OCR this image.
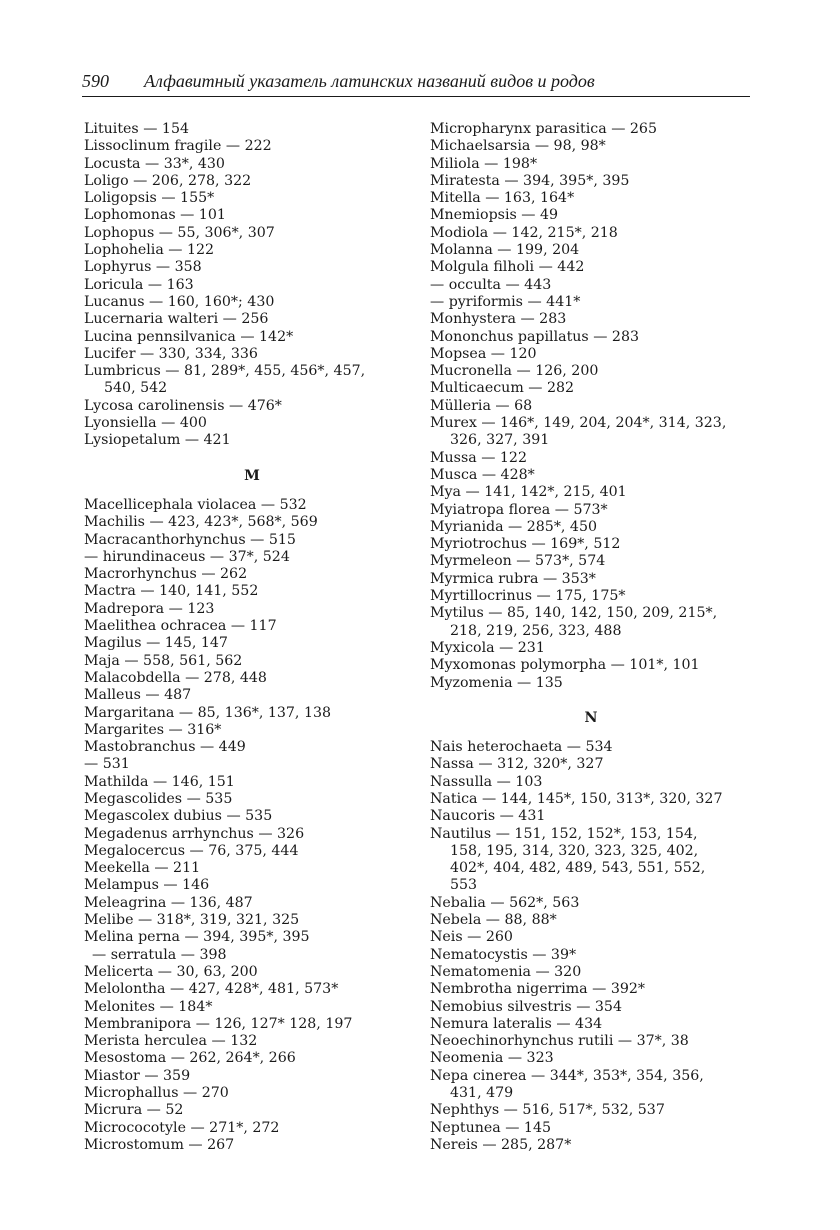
590 Алфавитный указатель латинских названий видов и родов
Lituites — 154
Lissoclinum fragile — 222
Locusta — 33*, 430
Loligo — 206, 278, 322
Loligopsis — 155*
Lophomonas — 101
Lophopus — 55, 306*, 307
Lophohelia — 122
Lophyrus — 358
Loricula — 163
Lucanus — 160, 160*; 430
Lucernaria walteri — 256
Lucina pennsilvanica — 142*
Lucifer — 330, 334, 336
Lumbricus — 81, 289*, 455, 456*, 457,
540, 542
Lycosa carolinensis — 476*
Lyonsiella — 400
Lysiopetalum — 421
M
Macellicephala violacea — 532
Machilis — 423, 423*, 568*, 569
Macracanthorhynchus — 515
— hirundinaceus — 37*, 524
Macrorhynchus — 262
Mactra — 140, 141, 552
Madrepora — 123
Maelithea ochracea — 117
Magilus — 145, 147
Maja — 558, 561, 562
Malacobdella — 278, 448
Malleus — 487
Margaritana — 85, 136*, 137, 138
Margarites — 316*
Mastobranchus — 449
— 531
Mathilda — 146, 151
Megascolides — 535
Megascolex dubius — 535
Megadenus arrhynchus — 326
Megalocercus — 76, 375, 444
Meekella — 211
Melampus — 146
Meleagrina — 136, 487
Melibe — 318*, 319, 321, 325
Melina perna — 394, 395*, 395
— serratula — 398
Melicerta — 30, 63, 200
Melolontha — 427, 428*, 481, 573*
Melonites — 184*
Membranipora — 126, 127* 128, 197
Merista herculea — 132
Mesostoma — 262, 264*, 266
Miastor — 359
Microphallus — 270
Micrura — 52
Micrococotyle — 271*, 272
Microstomum — 267
Micropharynx parasitica — 265
Michaelsarsia — 98, 98*
Miliola — 198*
Miratesta — 394, 395*, 395
Mitella — 163, 164*
Mnemiopsis — 49
Modiola — 142, 215*, 218
Molanna — 199, 204
Molgula filholi — 442
— occulta — 443
— pyriformis — 441*
Monhystera — 283
Mononchus papillatus — 283
Mopsea — 120
Mucronella — 126, 200
Multicaecum — 282
Mülleria — 68
Murex — 146*, 149, 204, 204*, 314, 323,
326, 327, 391
Mussa — 122
Musca — 428*
Mya — 141, 142*, 215, 401
Myiatropa florea — 573*
Myrianida — 285*, 450
Myriotrochus — 169*, 512
Myrmeleon — 573*, 574
Myrmica rubra — 353*
Myrtillocrinus — 175, 175*
Mytilus — 85, 140, 142, 150, 209, 215*,
218, 219, 256, 323, 488
Myxicola — 231
Myxomonas polymorpha — 101*, 101
Myzomenia — 135
N
Nais heterochaeta — 534
Nassa — 312, 320*, 327
Nassulla — 103
Natica — 144, 145*, 150, 313*, 320, 327
Naucoris — 431
Nautilus — 151, 152, 152*, 153, 154,
158, 195, 314, 320, 323, 325, 402,
402*, 404, 482, 489, 543, 551, 552,
553
Nebalia — 562*, 563
Nebela — 88, 88*
Neis — 260
Nematocystis — 39*
Nematomenia — 320
Nembrotha nigerrima — 392*
Nemobius silvestris — 354
Nemura lateralis — 434
Neoechinorhynchus rutili — 37*, 38
Neomenia — 323
Nepa cinerea — 344*, 353*, 354, 356,
431, 479
Nephthys — 516, 517*, 532, 537
Neptunea — 145
Nereis — 285, 287*
